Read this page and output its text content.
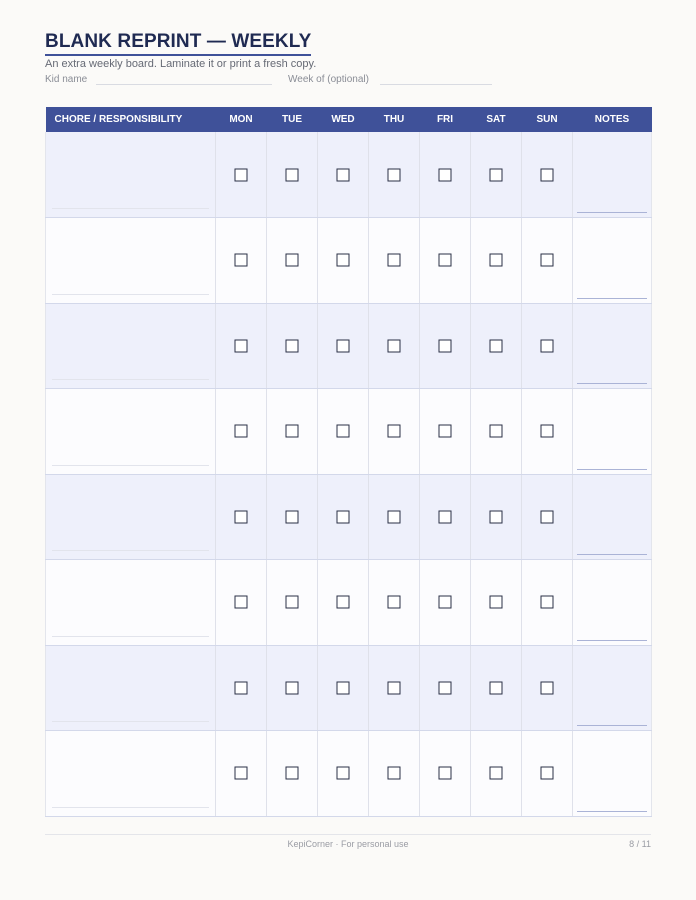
BLANK REPRINT — WEEKLY

An extra weekly board. Laminate it or print a fresh copy.

Kid name	Week of (optional)
CHORE / RESPONSIBILITY	MON	TUE	WED	THU	FRI	SAT	SUN	NOTES

KepiCorner · For personal use	8 / 11
